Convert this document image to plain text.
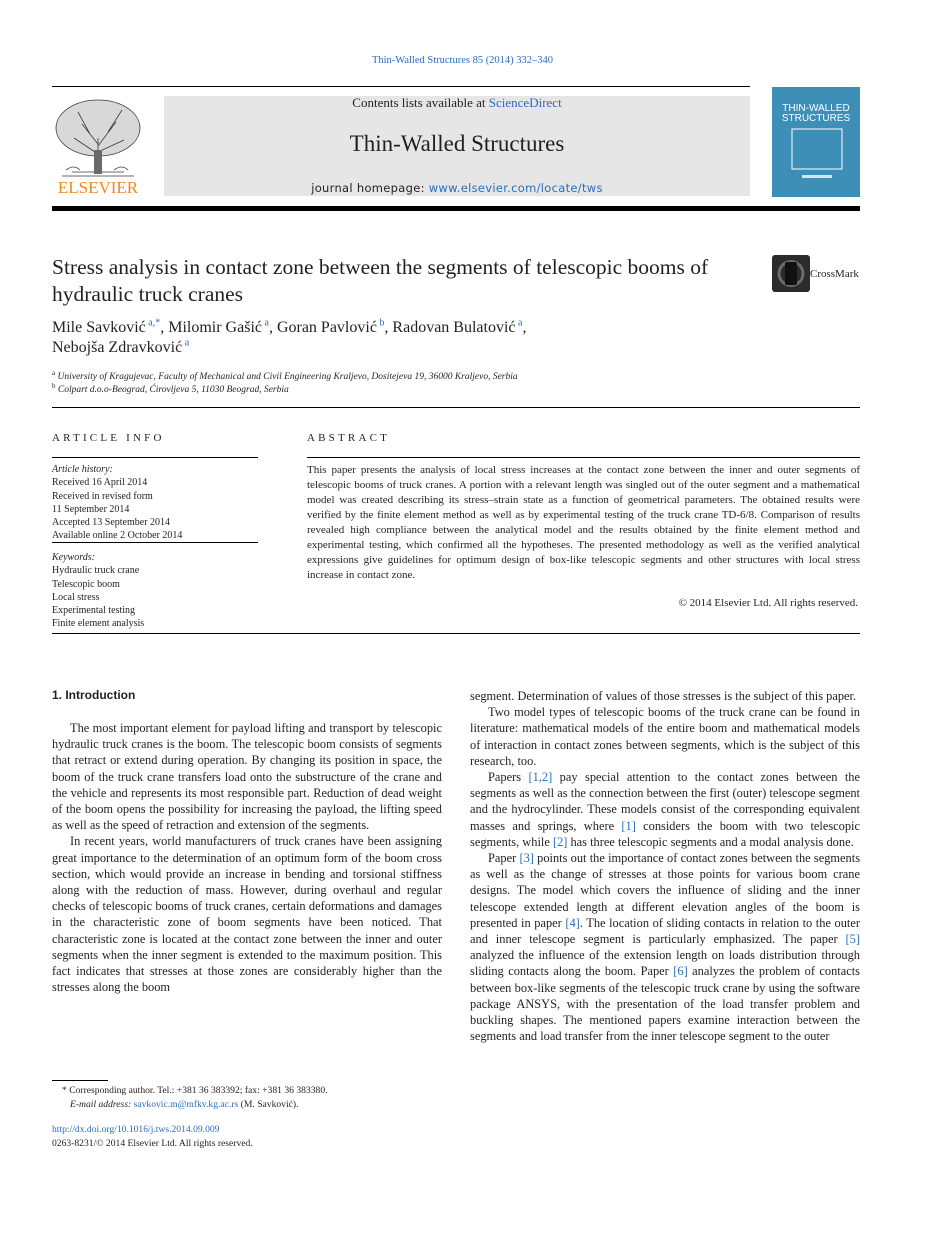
Thin-Walled Structures 85 (2014) 332–340
ELSEVIER
Contents lists available at ScienceDirect
Thin-Walled Structures
journal homepage: www.elsevier.com/locate/tws
THIN-WALLED
STRUCTURES
Stress analysis in contact zone between the segments of telescopic booms of hydraulic truck cranes
CrossMark
Mile Savković $^{a,*}$, Milomir Gašić $^a$, Goran Pavlović $^b$, Radovan Bulatović $^a$,
Nebojša Zdravković $^a$
$^a$ University of Kragujevac, Faculty of Mechanical and Civil Engineering Kraljevo, Dositejeva 19, 36000 Kraljevo, Serbia
$^b$ Colpart d.o.o-Beograd, Ćirovljeva 5, 11030 Beograd, Serbia
ARTICLE INFO	ABSTRACT
Article history:
Received 16 April 2014
Received in revised form
11 September 2014
Accepted 13 September 2014
Available online 2 October 2014
Keywords:
Hydraulic truck crane
Telescopic boom
Local stress
Experimental testing
Finite element analysis
This paper presents the analysis of local stress increases at the contact zone between the inner and outer segments of telescopic booms of truck cranes. A portion with a relevant length was singled out of the outer segment and a mathematical model was created describing its stress–strain state as a function of geometrical parameters. The obtained results were verified by the finite element method as well as by experimental testing of the truck crane TD-6/8. Comparison of results revealed high compliance between the analytical model and the results obtained by the finite element method and experimental testing, which confirmed all the hypotheses. The presented methodology as well as the verified analytical expressions give guidelines for optimum design of box-like telescopic segments and other structures with local stress increase in contact zone.
© 2014 Elsevier Ltd. All rights reserved.
1. Introduction

The most important element for payload lifting and transport by telescopic hydraulic truck cranes is the boom. The telescopic boom consists of segments that retract or extend during operation. By changing its position in space, the boom of the truck crane transfers load onto the substructure of the crane and the vehicle and represents its most responsible part. Reduction of dead weight of the boom opens the possibility for increasing the payload, the lifting speed as well as the speed of retraction and extension of the segments.

In recent years, world manufacturers of truck cranes have been assigning great importance to the determination of an optimum form of the boom cross section, which would provide an increase in bending and torsional stiffness along with the reduction of mass. However, during overhaul and regular checks of telescopic booms of truck cranes, certain deformations and damages in the characteristic zone of boom segments have been noticed. That characteristic zone is located at the contact zone between the inner and outer segments when the inner segment is extended to the maximum position. This fact indicates that stresses at those zones are considerably higher than the stresses along the boom

segment. Determination of values of those stresses is the subject of this paper.

Two model types of telescopic booms of the truck crane can be found in literature: mathematical models of the entire boom and mathematical models of interaction in contact zones between segments, which is the subject of this research, too.

Papers [1,2] pay special attention to the contact zones between the segments as well as the connection between the first (outer) telescope segment and the hydrocylinder. These models consist of the corresponding equivalent masses and springs, where [1] considers the boom with two telescopic segments, while [2] has three telescopic segments and a modal analysis done.

Paper [3] points out the importance of contact zones between the segments as well as the change of stresses at those points for various boom crane designs. The model which covers the influence of sliding and the inner telescope extended length at different elevation angles of the boom is presented in paper [4]. The location of sliding contacts in relation to the outer and inner telescope segment is particularly emphasized. The paper [5] analyzed the influence of the extension length on loads distribution through sliding contacts along the boom. Paper [6] analyzes the problem of contacts between box-like segments of the telescopic truck crane by using the software package ANSYS, with the presentation of the load transfer problem and buckling shapes. The mentioned papers examine interaction between the segments and load transfer from the inner telescope segment to the outer

* Corresponding author. Tel.: +381 36 383392; fax: +381 36 383380.
E-mail address: savkovic.m@mfkv.kg.ac.rs (M. Savković).
http://dx.doi.org/10.1016/j.tws.2014.09.009
0263-8231/© 2014 Elsevier Ltd. All rights reserved.
